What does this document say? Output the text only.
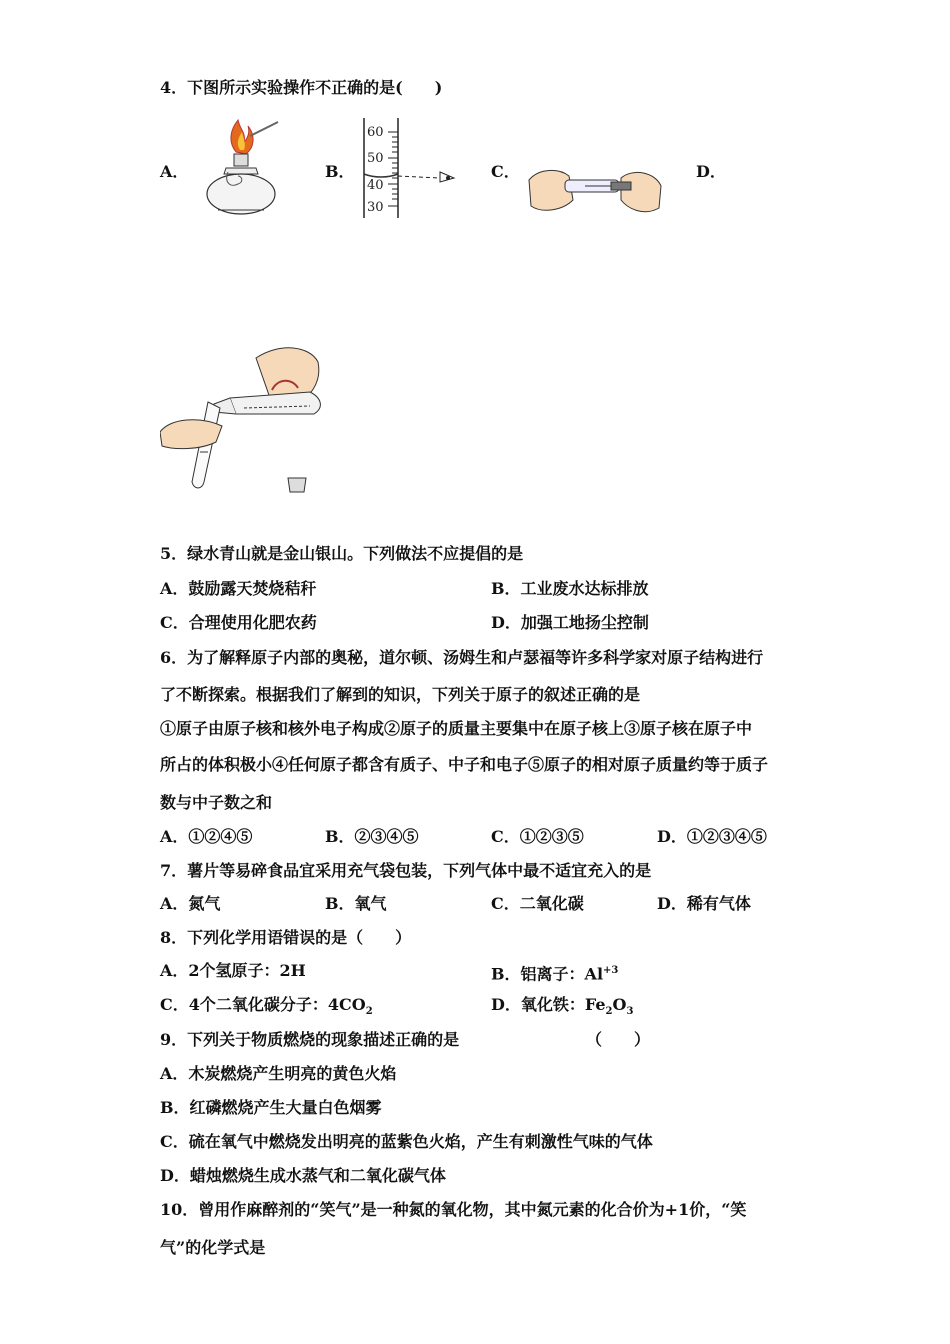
4．下图所示实验操作不正确的是(　　)
A．	B．	C．	D．
60
50
40
30
5．绿水青山就是金山银山。下列做法不应提倡的是
A．鼓励露天焚烧秸秆	B．工业废水达标排放
C．合理使用化肥农药	D．加强工地扬尘控制
6．为了解释原子内部的奥秘，道尔顿、汤姆生和卢瑟福等许多科学家对原子结构进行
了不断探索。根据我们了解到的知识，下列关于原子的叙述正确的是
①原子由原子核和核外电子构成②原子的质量主要集中在原子核上③原子核在原子中
所占的体积极小④任何原子都含有质子、中子和电子⑤原子的相对原子质量约等于质子
数与中子数之和
A．①②④⑤	B．②③④⑤	C．①②③⑤	D．①②③④⑤
7．薯片等易碎食品宜采用充气袋包装，下列气体中最不适宜充入的是
A．氮气	B．氧气	C．二氧化碳	D．稀有气体
8．下列化学用语错误的是（　　）
A．2个氢原子：2H	B．铝离子：$Al^{+3}$
C．4个二氧化碳分子：$4CO_2$	D．氧化铁：$Fe_2O_3$
9．下列关于物质燃烧的现象描述正确的是	（　　）
A．木炭燃烧产生明亮的黄色火焰
B．红磷燃烧产生大量白色烟雾
C．硫在氧气中燃烧发出明亮的蓝紫色火焰，产生有刺激性气味的气体
D．蜡烛燃烧生成水蒸气和二氧化碳气体
10．曾用作麻醉剂的“笑气”是一种氮的氧化物，其中氮元素的化合价为+1价，“笑
气”的化学式是
